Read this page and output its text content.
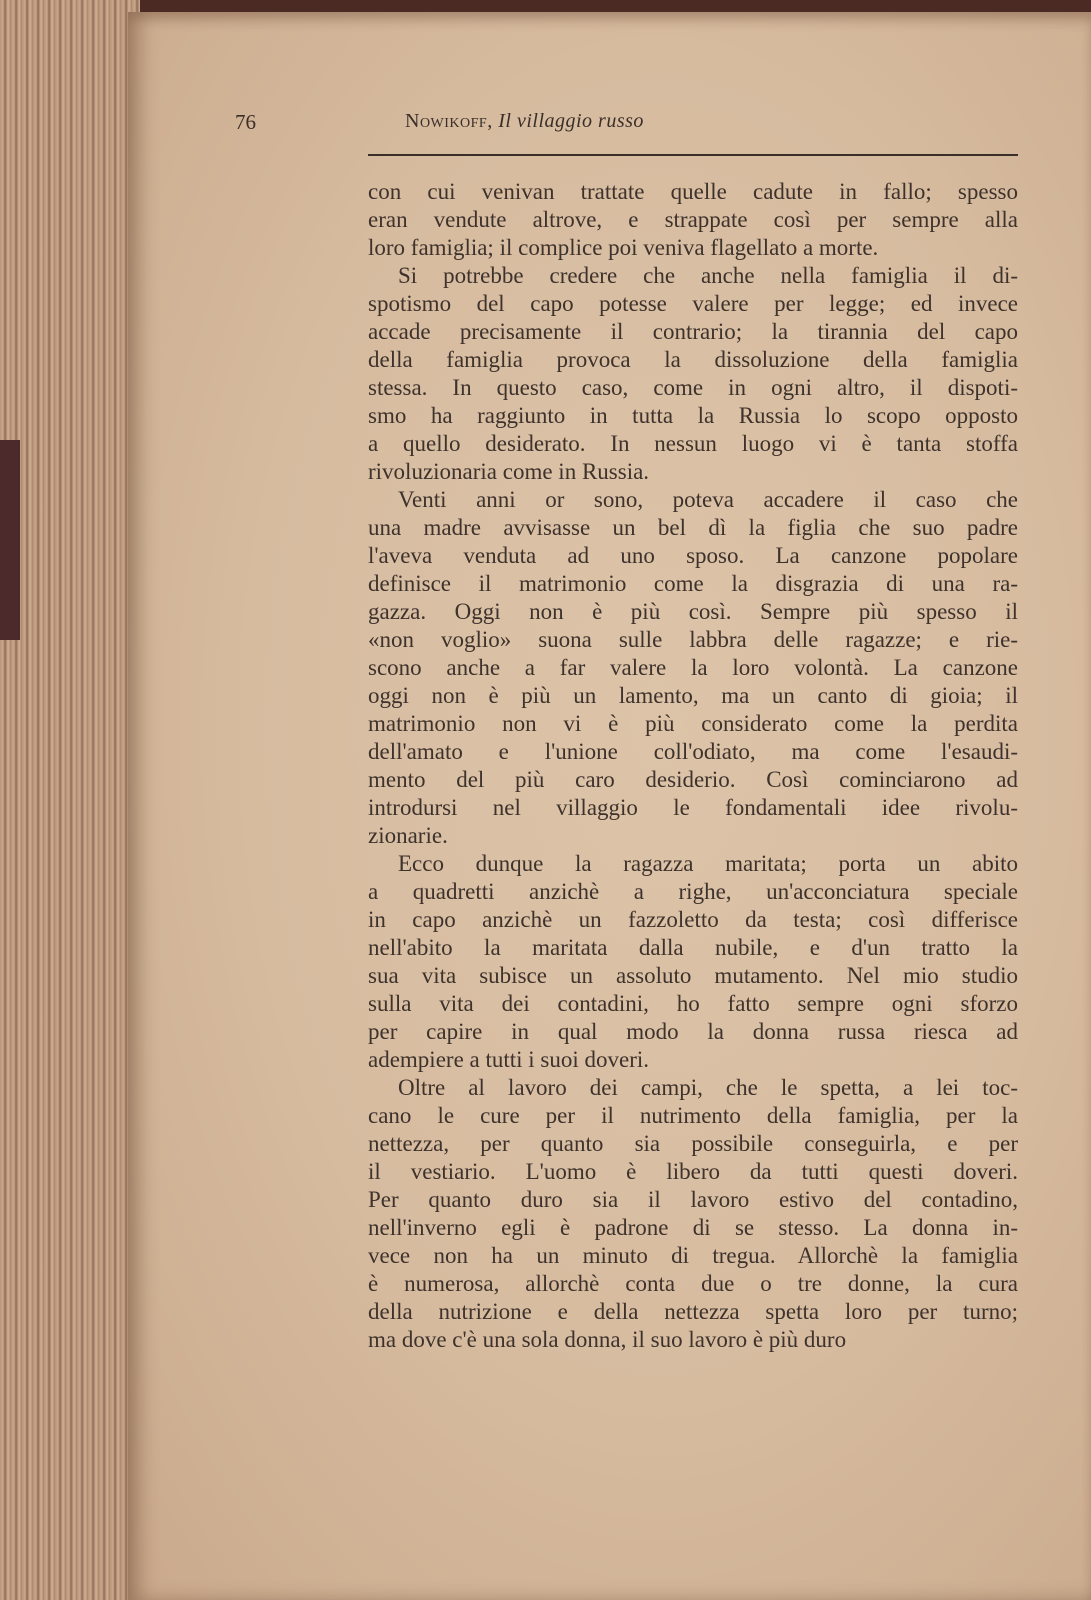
76	Nowikoff, Il villaggio russo

con cui venivan trattate quelle cadute in fallo; spesso
eran vendute altrove, e strappate così per sempre alla
loro famiglia; il complice poi veniva flagellato a morte.

Si potrebbe credere che anche nella famiglia il di-
spotismo del capo potesse valere per legge; ed invece
accade precisamente il contrario; la tirannia del capo
della famiglia provoca la dissoluzione della famiglia
stessa. In questo caso, come in ogni altro, il dispoti-
smo ha raggiunto in tutta la Russia lo scopo opposto
a quello desiderato. In nessun luogo vi è tanta stoffa
rivoluzionaria come in Russia.

Venti anni or sono, poteva accadere il caso che
una madre avvisasse un bel dì la figlia che suo padre
l'aveva venduta ad uno sposo. La canzone popolare
definisce il matrimonio come la disgrazia di una ra-
gazza. Oggi non è più così. Sempre più spesso il
«non voglio» suona sulle labbra delle ragazze; e rie-
scono anche a far valere la loro volontà. La canzone
oggi non è più un lamento, ma un canto di gioia; il
matrimonio non vi è più considerato come la perdita
dell'amato e l'unione coll'odiato, ma come l'esaudi-
mento del più caro desiderio. Così cominciarono ad
introdursi nel villaggio le fondamentali idee rivolu-
zionarie.

Ecco dunque la ragazza maritata; porta un abito
a quadretti anzichè a righe, un'acconciatura speciale
in capo anzichè un fazzoletto da testa; così differisce
nell'abito la maritata dalla nubile, e d'un tratto la
sua vita subisce un assoluto mutamento. Nel mio studio
sulla vita dei contadini, ho fatto sempre ogni sforzo
per capire in qual modo la donna russa riesca ad
adempiere a tutti i suoi doveri.

Oltre al lavoro dei campi, che le spetta, a lei toc-
cano le cure per il nutrimento della famiglia, per la
nettezza, per quanto sia possibile conseguirla, e per
il vestiario. L'uomo è libero da tutti questi doveri.
Per quanto duro sia il lavoro estivo del contadino,
nell'inverno egli è padrone di se stesso. La donna in-
vece non ha un minuto di tregua. Allorchè la famiglia
è numerosa, allorchè conta due o tre donne, la cura
della nutrizione e della nettezza spetta loro per turno;
ma dove c'è una sola donna, il suo lavoro è più duro
